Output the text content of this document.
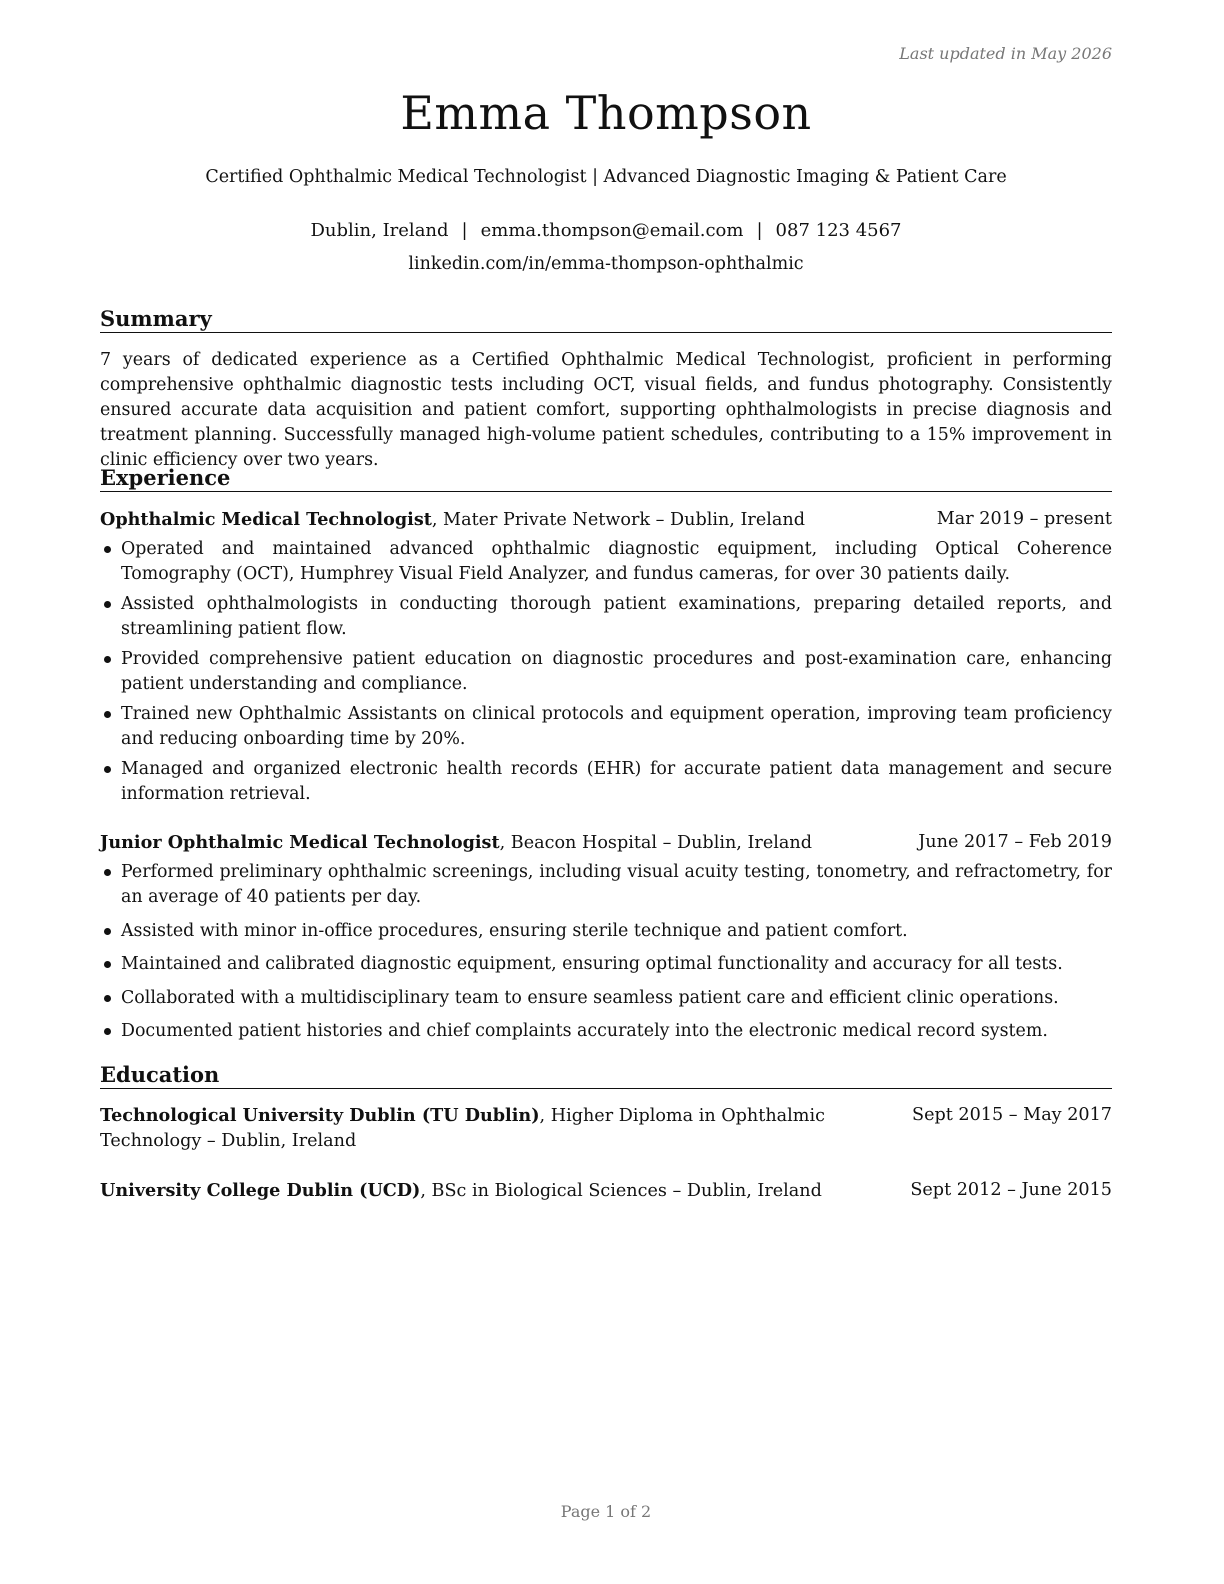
Last updated in May 2026
Emma Thompson
Certified Ophthalmic Medical Technologist | Advanced Diagnostic Imaging & Patient Care
Dublin, Ireland | emma.thompson@email.com | 087 123 4567
linkedin.com/in/emma-thompson-ophthalmic
Summary

7 years of dedicated experience as a Certified Ophthalmic Medical Technologist, proficient in performing comprehensive ophthalmic diagnostic tests including OCT, visual fields, and fundus photography. Consistently ensured accurate data acquisition and patient comfort, supporting ophthalmologists in precise diagnosis and treatment planning. Successfully managed high-volume patient schedules, contributing to a 15% improvement in clinic efficiency over two years.

Experience
Ophthalmic Medical Technologist, Mater Private Network – Dublin, Ireland	Mar 2019 – present
Operated and maintained advanced ophthalmic diagnostic equipment, including Optical Coherence Tomography (OCT), Humphrey Visual Field Analyzer, and fundus cameras, for over 30 patients daily.
Assisted ophthalmologists in conducting thorough patient examinations, preparing detailed reports, and streamlining patient flow.
Provided comprehensive patient education on diagnostic procedures and post-examination care, enhancing patient understanding and compliance.
Trained new Ophthalmic Assistants on clinical protocols and equipment operation, improving team proficiency and reducing onboarding time by 20%.
Managed and organized electronic health records (EHR) for accurate patient data management and secure information retrieval.
Junior Ophthalmic Medical Technologist, Beacon Hospital – Dublin, Ireland	June 2017 – Feb 2019
Performed preliminary ophthalmic screenings, including visual acuity testing, tonometry, and refractometry, for an average of 40 patients per day.
Assisted with minor in-office procedures, ensuring sterile technique and patient comfort.
Maintained and calibrated diagnostic equipment, ensuring optimal functionality and accuracy for all tests.
Collaborated with a multidisciplinary team to ensure seamless patient care and efficient clinic operations.
Documented patient histories and chief complaints accurately into the electronic medical record system.
Education
Technological University Dublin (TU Dublin), Higher Diploma in Ophthalmic Technology – Dublin, Ireland
Sept 2015 – May 2017
University College Dublin (UCD), BSc in Biological Sciences – Dublin, Ireland	Sept 2012 – June 2015
Page 1 of 2
